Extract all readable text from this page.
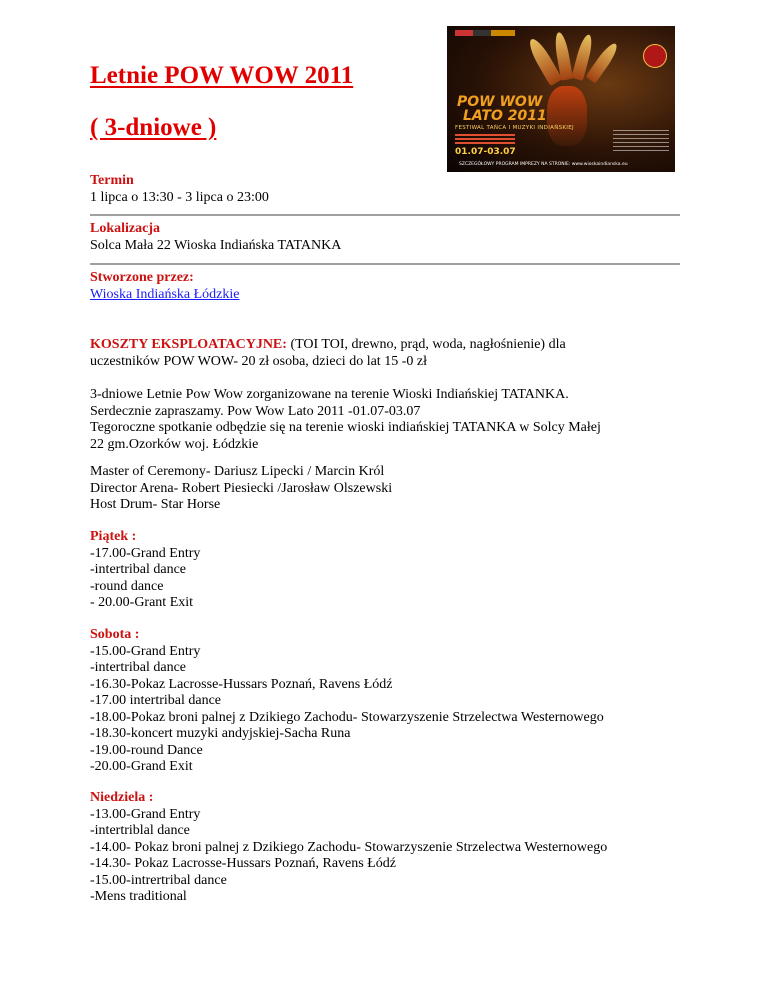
Letnie POW WOW 2011
( 3-dniowe )
POW WOW
LATO 2011
FESTIWAL TAŃCA I MUZYKI INDIAŃSKIEJ
01.07-03.07
SZCZEGÓŁOWY PROGRAM IMPREZY NA STRONIE: www.wioskaindianska.eu
Termin
1 lipca o 13:30 - 3 lipca o 23:00
Lokalizacja
Solca Mała 22 Wioska Indiańska TATANKA
Stworzone przez:
Wioska Indiańska Łódzkie
KOSZTY EKSPLOATACYJNE: (TOI TOI, drewno, prąd, woda, nagłośnienie) dla
uczestników POW WOW- 20 zł osoba, dzieci do lat 15 -0 zł
3-dniowe Letnie Pow Wow zorganizowane na terenie Wioski Indiańskiej TATANKA.
Serdecznie zapraszamy. Pow Wow Lato 2011 -01.07-03.07
Tegoroczne spotkanie odbędzie się na terenie wioski indiańskiej TATANKA w Solcy Małej
22 gm.Ozorków woj. Łódzkie
Master of Ceremony- Dariusz Lipecki / Marcin Król
Director Arena- Robert Piesiecki /Jarosław Olszewski
Host Drum- Star Horse
Piątek :
-17.00-Grand Entry
-intertribal dance
-round dance
- 20.00-Grant Exit
Sobota :
-15.00-Grand Entry
-intertribal dance
-16.30-Pokaz Lacrosse-Hussars Poznań, Ravens Łódź
-17.00 intertribal dance
-18.00-Pokaz broni palnej z Dzikiego Zachodu- Stowarzyszenie Strzelectwa Westernowego
-18.30-koncert muzyki andyjskiej-Sacha Runa
-19.00-round Dance
-20.00-Grand Exit
Niedziela :
-13.00-Grand Entry
-intertriblal dance
-14.00- Pokaz broni palnej z Dzikiego Zachodu- Stowarzyszenie Strzelectwa Westernowego
-14.30- Pokaz Lacrosse-Hussars Poznań, Ravens Łódź
-15.00-intrertribal dance
-Mens traditional
